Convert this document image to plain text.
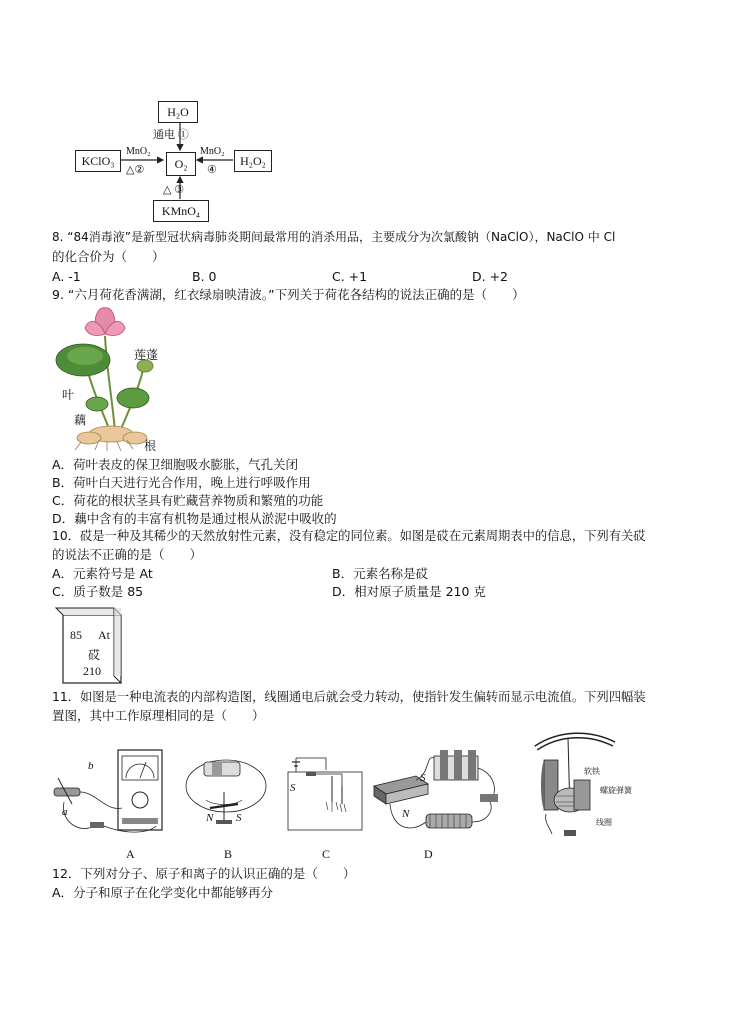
H₂O
KClO₃	O₂	H₂O₂
KMnO₄
通电 ①
MnO₂
△②
MnO₂
④
△ ③
8. “84消毒液”是新型冠状病毒肺炎期间最常用的消杀用品，主要成分为次氯酸钠（NaClO），NaClO 中 Cl
的化合价为（　　）
A. -1	B. 0	C. +1	D. +2
9. “六月荷花香满湖，红衣绿扇映清波。”下列关于荷花各结构的说法正确的是（　　）
莲蓬
叶
藕
根
A．荷叶表皮的保卫细胞吸水膨胀，气孔关闭
B．荷叶白天进行光合作用，晚上进行呼吸作用
C．荷花的根状茎具有贮藏营养物质和繁殖的功能
D．藕中含有的丰富有机物是通过根从淤泥中吸收的
10．砹是一种及其稀少的天然放射性元素，没有稳定的同位素。如图是砹在元素周期表中的信息，下列有关砹
的说法不正确的是（　　）
A．元素符号是 At	B．元素名称是砹
C．质子数是 85	D．相对原子质量是 210 克
85 At
砹
210
11．如图是一种电流表的内部构造图，线圈通电后就会受力转动，使指针发生偏转而显示电流值。下列四幅装
置图，其中工作原理相同的是（　　）
b
a	N S
S
S
N
软铁
螺旋弹簧
线圈
A	B	C	D
12．下列对分子、原子和离子的认识正确的是（　　）
A．分子和原子在化学变化中都能够再分
